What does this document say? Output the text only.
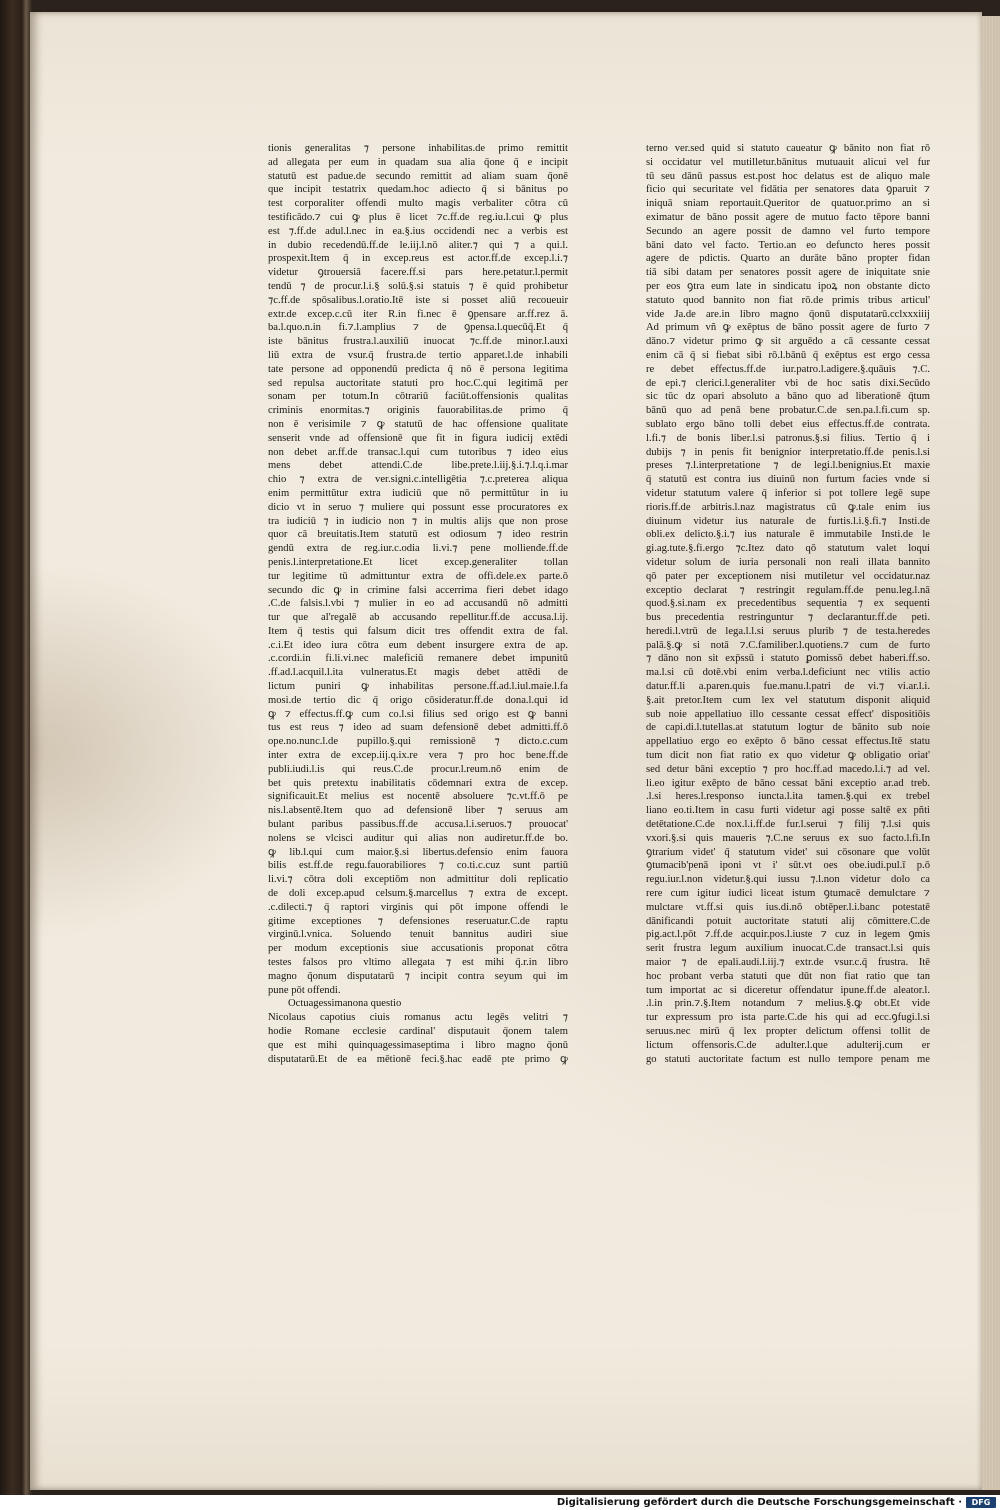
tionis generalitas ⁊ persone inhabilitas.de primo remittit
ad allegata per eum in quadam sua alia q̄one q̄ e incipit
statutū est padue.de secundo remittit ad aliam suam q̄onē
que incipit testatrix quedam.hoc adiecto q̄ si bānitus po
test corporaliter offendi multo magis verbaliter cōtra cū
testificādo.⁊ cui ꝙ plus ē licet ⁊c.ff.de reg.iu.l.cui ꝙ plus
est ⁊.ff.de adul.l.nec in ea.§.ius occidendi nec a verbis est
in dubio recedendū.ff.de le.iij.l.nō aliter.⁊ qui ⁊ a qui.l.
prospexit.Item q̄ in excep.reus est actor.ff.de excep.l.i.⁊
videtur ꝯtrouersiā facere.ff.si pars here.petatur.l.permit
tendū ⁊ de procur.l.i.§ solū.§.si statuis ⁊ ē quid prohibetur
⁊c.ff.de spōsalibus.l.oratio.Itē iste si posset aliū recoueuir
extr.de excep.c.cū iter R.in fi.nec ē ꝯpensare ar.ff.rez ā.
ba.l.quo.n.in fi.⁊.l.amplius ⁊ de ꝯpensa.l.quecūq̄.Et q̄
iste bānitus frustra.l.auxiliū inuocat ⁊c.ff.de minor.l.auxi
liū extra de vsur.q̄ frustra.de tertio apparet.l.de inhabili
tate persone ad opponendū predicta q̄ nō ē persona legitima
sed repulsa auctoritate statuti pro hoc.C.qui legitimā per
sonam per totum.In cōtrariū faciūt.offensionis qualitas
criminis enormitas.⁊ originis fauorabilitas.de primo q̄
non ē verisimile ⁊ ꝙ statutū de hac offensione qualitate
senserit vnde ad offensionē que fit in figura iudicij extēdi
non debet ar.ff.de transac.l.qui cum tutoribus ⁊ ideo eius
mens debet attendi.C.de libe.prete.l.iij.§.i.⁊.l.q.i.mar
chio ⁊ extra de ver.signi.c.intelligētia ⁊.c.preterea aliqua
enim permittūtur extra iudiciū que nō permittūtur in iu
dicio vt in seruo ⁊ muliere qui possunt esse procuratores ex
tra iudiciū ⁊ in iudicio non ⁊ in multis alijs que non prose
quor cā breuitatis.Item statutū est odiosum ⁊ ideo restrin
gendū extra de reg.iur.c.odia li.vi.⁊ pene mollienđe.ff.de
penis.l.interpretatione.Et licet excep.generaliter tollan
tur legitime tū admittuntur extra de offi.dele.ex parte.ō
secundo dic ꝙ in crimine falsi accerrima fieri debet idago
.C.de falsis.l.vbi ⁊ mulier in eo ad accusandū nō admitti
tur que al'regalē ab accusando repellitur.ff.de accusa.l.ij.
Item q̄ testis qui falsum dicit tres offendit extra de fal.
.c.i.Et ideo iura cōtra eum debent insurgere extra de ap.
.c.cordi.in fi.li.vi.nec maleficiū remanere debet impunitū
.ff.ad.l.acquil.l.ita vulneratus.Et magis debet attēdi de
lictum puniri ꝙ inhabilitas persone.ff.ad.l.iul.maie.l.fa
mosi.de tertio dic q̄ origo cōsideratur.ff.de dona.l.qui id
ꝙ ⁊ effectus.ff.ꝙ cum co.l.si filius sed origo est ꝙ banni
tus est reus ⁊ ideo ad suam defensionē debet admitti.ff.ō
ope.no.nunc.l.de pupillo.§.qui remissionē ⁊ dicto.c.cum
inter extra de excep.iij.q.ix.re vera ⁊ pro hoc bene.ff.de
publi.iudi.l.is qui reus.C.de procur.l.reum.nō enim de
bet quis pretextu inabilitatis cōdemnari extra de excep.
significauit.Et melius est nocentē absoluere ⁊c.vt.ff.ō pe
nis.l.absentē.Item quo ad defensionē liber ⁊ seruus am
bulant paribus passibus.ff.de accusa.l.i.seruos.⁊ prouocat'
nolens se vlcisci auditur qui alias non audiretur.ff.de bo.
ꝙ lib.l.qui cum maior.§.si libertus.defensio enim fauora
bilis est.ff.de regu.fauorabiliores ⁊ co.ti.c.cuz sunt partiū
li.vi.⁊ cōtra doli exceptiōm non admittitur doli replicatio
de doli excep.apud celsum.§.marcellus ⁊ extra de except.
.c.dilecti.⁊ q̄ raptori virginis qui pōt impone offendi le
gitime exceptiones ⁊ defensiones reseruatur.C.de raptu
virginū.l.vnica. Soluendo tenuit bannitus audiri siue
per modum exceptionis siue accusationis proponat cōtra
testes falsos pro vltimo allegata ⁊ est mihi q̄.r.in libro
magno q̄onum disputatarū ⁊ incipit contra seyum qui im
pune pōt offendi.
Octuagessimanona questio
Nicolaus capotius ciuis romanus actu legēs velitri ⁊
hodie Romane ecclesie cardinal' disputauit q̄onem talem
que est mihi quinquagessimaseptima i libro magno q̄onū
disputatarū.Et de ea mētionē feci.§.hac eadē pte primo ꝙ
terno ver.sed quid si statuto caueatur ꝙ bānito non fiat rō
si occidatur vel mutilletur.bānitus mutuauit alicui vel fur
tū seu dānū passus est.post hoc delatus est de aliquo male
ficio qui securitate vel fidātia per senatores data ꝯparuit ⁊
iniquā sniam reportauit.Queritor de quatuor.primo an si
eximatur de bāno possit agere de mutuo facto tēpore banni
Secundo an agere possit de damno vel furto tempore
bāni dato vel facto. Tertio.an eo defuncto heres possit
agere de pdictis. Quarto an durāte bāno propter fidan
tiā sibi datam per senatores possit agere de iniquitate snie
per eos ꝯtra eum late in sindicatu ipoꝝ non obstante dicto
statuto quod bannito non fiat rō.de primis tribus articul'
vide Ja.de are.in libro magno q̄onū disputatarū.cclxxxiiij
Ad primum vñ ꝙ exēptus de bāno possit agere de furto ⁊
dāno.⁊ videtur primo ꝙ sit arguēdo a cā cessante cessat
enim cā q̄ si fiebat sibi rō.l.bānū q̄ exēptus est ergo cessa
re debet effectus.ff.de iur.patro.l.adigere.§.quāuis ⁊.C.
de epi.⁊ clerici.l.generaliter vbi de hoc satis dixi.Secūdo
sic tūc dz opari absoluto a bāno quo ad liberationē q̄tum
bānū quo ad penā bene probatur.C.de sen.pa.l.fi.cum sp.
sublato ergo bāno tolli debet eius effectus.ff.de contrata.
l.fi.⁊ de bonis liber.l.si patronus.§.si filius. Tertio q̄ i
dubijs ⁊ in penis fit benignior interpretatio.ff.de penis.l.si
preses ⁊.l.interpretatione ⁊ de legi.l.benignius.Et maxie
q̄ statutū est contra ius diuinū non furtum facies vnde si
videtur statutum valere q̄ inferior si pot tollere legē supe
rioris.ff.de arbitris.l.naz magistratus cū ꝙ.tale enim ius
diuinum videtur ius naturale de furtis.l.i.§.fi.⁊ Insti.de
obli.ex delicto.§.i.⁊ ius naturale ē immutabile Insti.de le
gi.ag.tute.§.fi.ergo ⁊c.Itez dato qō statutum valet loqui
videtur solum de iuria personali non reali illata bannito
qō pater per exceptionem nisi mutiletur vel occidatur.naz
exceptio declarat ⁊ restringit regulam.ff.de penu.leg.l.nā
quod.§.si.nam ex precedentibus sequentia ⁊ ex sequenti
bus precedentia restringuntur ⁊ declarantur.ff.de peti.
heredi.l.vtrū de lega.l.l.si seruus plurib ⁊ de testa.heredes
palā.§.ꝙ si notā ⁊.C.familiber.l.quotiens.⁊ cum de furto
⁊ dāno non sit exp̄ssū i statuto ꝑomissō debet haberi.ff.so.
ma.l.si cū dotē.vbi enim verba.l.deficiunt nec vtilis actio
datur.ff.li a.paren.quis fue.manu.l.patri de vi.⁊ vi.ar.l.i.
§.ait pretor.Item cum lex vel statutum disponit aliquid
sub noie appellatiuo illo cessante cessat effect' dispositiōis
de capi.di.l.tutellas.at statutum logtur de bānito sub noie
appellatiuo ergo eo exēpto ō bāno cessat effectus.Itē statu
tum dicit non fiat ratio ex quo videtur ꝙ obligatio oriat'
sed detur bāni exceptio ⁊ pro hoc.ff.ad macedo.l.i.⁊ ad vel.
li.eo igitur exēpto de bāno cessat bāni exceptio ar.ad treb.
.l.si heres.l.responso iuncta.l.ita tamen.§.qui ex trebel
liano eo.ti.Item in casu furti videtur agi posse saltē ex pñti
detētatione.C.de nox.l.i.ff.de fur.l.serui ⁊ filij ⁊.l.si quis
vxori.§.si quis maueris ⁊.C.ne seruus ex suo facto.l.fi.In
ꝯtrarium videt' q̄ statutum videt' sui cōsonare que volūt
ꝯtumacib'penā iponi vt i' sūt.vt oes obe.iudi.pul.ī p.ō
regu.iur.l.non videtur.§.qui iussu ⁊.l.non videtur dolo ca
rere cum igitur iudici liceat istum ꝯtumacē demulctare ⁊
mulctare vt.ff.si quis ius.di.nō obtēper.l.i.banc potestatē
dānificandi potuit auctoritate statuti alij cōmittere.C.de
pig.act.l.pōt ⁊.ff.de acquir.pos.l.iuste ⁊ cuz in legem ꝯmis
serit frustra legum auxilium inuocat.C.de transact.l.si quis
maior ⁊ de epali.audi.l.iij.⁊ extr.de vsur.c.q̄ frustra. Itē
hoc probant verba statuti que dūt non fiat ratio que tan
tum importat ac si diceretur offendatur ipune.ff.de aleator.l.
.l.in prin.⁊.§.Item notandum ⁊ melius.§.ꝙ obt.Et vide
tur expressum pro ista parte.C.de his qui ad ecc.ꝯfugi.l.si
seruus.nec mirū q̄ lex propter delictum offensi tollit de
lictum offensoris.C.de adulter.l.que adulterij.cum er
go statuti auctoritate factum est nullo tempore penam me
Digitalisierung gefördert durch die Deutsche Forschungsgemeinschaft ·	DFG
